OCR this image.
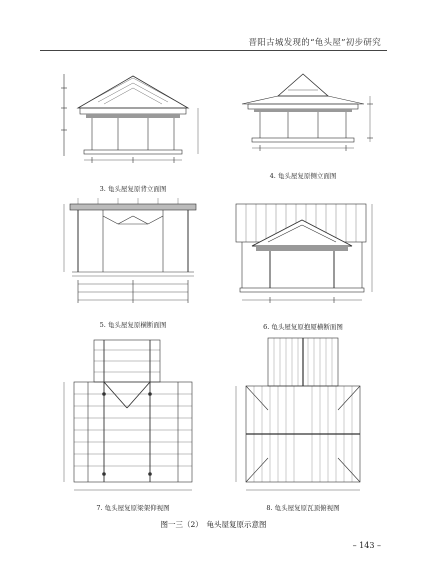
晋阳古城发现的“龟头屋”初步研究
3. 龟头屋复原背立面图
4. 龟头屋复原侧立面图
5. 龟头屋复原横断面图	6. 龟头屋复原抱厦横断面图
7. 龟头屋复原梁架仰视图	8. 龟头屋复原瓦顶俯视图
图一三（2）　龟头屋复原示意图
– 143 –
